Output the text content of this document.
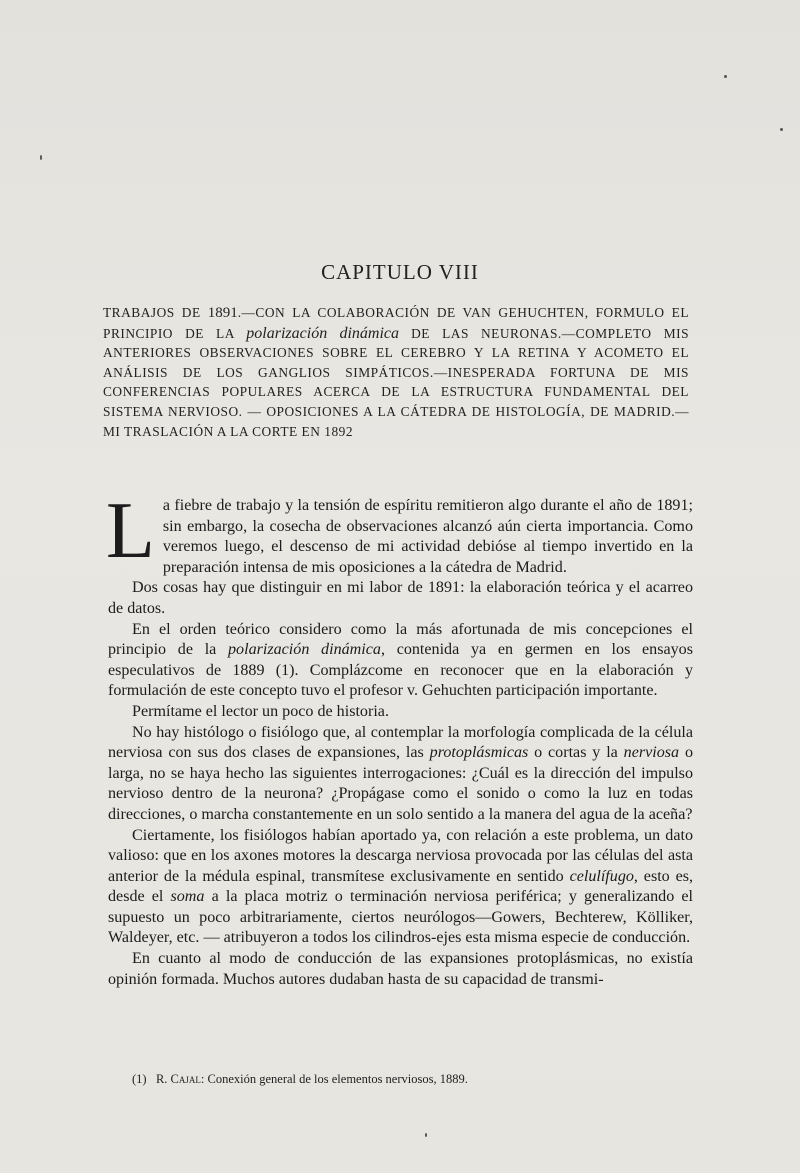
CAPITULO VIII
TRABAJOS DE 1891.—CON LA COLABORACIÓN DE VAN GEHUCHTEN, FORMULO EL PRINCIPIO DE LA polarización dinámica DE LAS NEURONAS.—COMPLETO MIS ANTERIORES OBSERVACIONES SOBRE EL CEREBRO Y LA RETINA Y ACOMETO EL ANÁLISIS DE LOS GANGLIOS SIMPÁTICOS.—INESPERADA FORTUNA DE MIS CONFERENCIAS POPULARES ACERCA DE LA ESTRUCTURA FUNDAMENTAL DEL SISTEMA NERVIOSO. — OPOSICIONES A LA CÁTEDRA DE HISTOLOGÍA, DE MADRID.—MI TRASLACIÓN A LA CORTE EN 1892

La fiebre de trabajo y la tensión de espíritu remitieron algo durante el año de 1891; sin embargo, la cosecha de observaciones alcanzó aún cierta importancia. Como veremos luego, el descenso de mi actividad debióse al tiempo invertido en la preparación intensa de mis oposiciones a la cátedra de Madrid.

Dos cosas hay que distinguir en mi labor de 1891: la elaboración teórica y el acarreo de datos.

En el orden teórico considero como la más afortunada de mis concepciones el principio de la polarización dinámica, contenida ya en germen en los ensayos especulativos de 1889 (1). Complázcome en reconocer que en la elaboración y formulación de este concepto tuvo el profesor v. Gehuchten participación importante.

Permítame el lector un poco de historia.

No hay histólogo o fisiólogo que, al contemplar la morfología complicada de la célula nerviosa con sus dos clases de expansiones, las protoplásmicas o cortas y la nerviosa o larga, no se haya hecho las siguientes interrogaciones: ¿Cuál es la dirección del impulso nervioso dentro de la neurona? ¿Propágase como el sonido o como la luz en todas direcciones, o marcha constantemente en un solo sentido a la manera del agua de la aceña?

Ciertamente, los fisiólogos habían aportado ya, con relación a este problema, un dato valioso: que en los axones motores la descarga nerviosa provocada por las células del asta anterior de la médula espinal, transmítese exclusivamente en sentido celulífugo, esto es, desde el soma a la placa motriz o terminación nerviosa periférica; y generalizando el supuesto un poco arbitrariamente, ciertos neurólogos—Gowers, Bechterew, Kölliker, Waldeyer, etc. — atribuyeron a todos los cilindros-ejes esta misma especie de conducción.

En cuanto al modo de conducción de las expansiones protoplásmicas, no existía opinión formada. Muchos autores dudaban hasta de su capacidad de transmi-

(1) R. Cajal: Conexión general de los elementos nerviosos, 1889.
